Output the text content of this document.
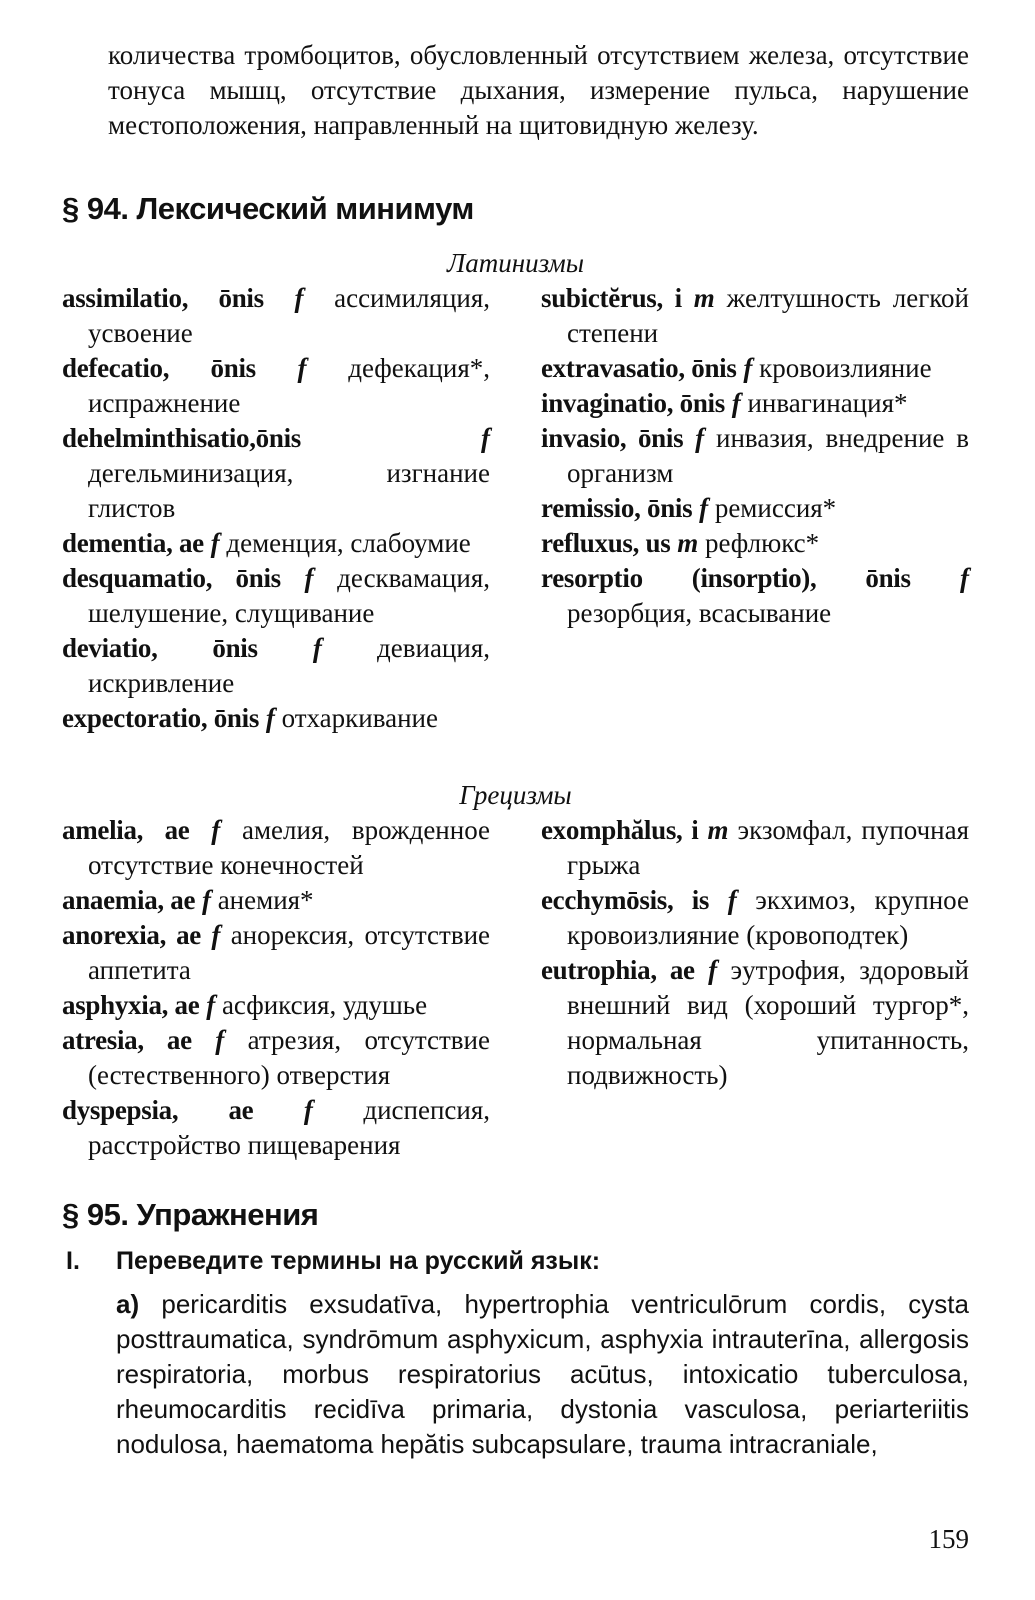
количества тромбоцитов, обусловленный отсутствием железа, отсутствие тонуса мышц, отсутствие дыхания, измерение пульса, нарушение местоположения, направленный на щитовидную железу.

§ 94. Лексический минимум
Латинизмы

assimilatio, ōnis f ассимиляция, усвоение

defecatio, ōnis f дефекация*, испражнение

dehelminthisatio,ōnis	f дегельминизация, изгнание глистов

dementia, ae f деменция, слабоумие

desquamatio, ōnis f десквамация, шелушение, слущивание

deviatio, ōnis f девиация, искривление

expectoratio, ōnis f отхаркивание

subictĕrus, i m желтушность легкой степени

extravasatio, ōnis f кровоизлияние

invaginatio, ōnis f инвагинация*

invasio, ōnis f инвазия, внедрение в организм

remissio, ōnis f ремиссия*

refluxus, us m рефлюкс*

resorptio (insorptio), ōnis f резорбция, всасывание

Грецизмы

amelia, ae f амелия, врожденное отсутствие конечностей

anaemia, ae f анемия*

anorexia, ae f анорексия, отсутствие аппетита

asphyxia, ae f асфиксия, удушье

atresia, ae f атрезия, отсутствие (естественного) отверстия

dyspepsia, ae f диспепсия, расстройство пищеварения

exomphălus, i m экзомфал, пупочная грыжа

ecchymōsis, is f экхимоз, крупное кровоизлияние (кровоподтек)

eutrophia, ae f эутрофия, здоровый внешний вид (хороший тургор*, нормальная упитанность, подвижность)

§ 95. Упражнения
I. Переведите термины на русский язык:

а) pericarditis exsudatīva, hypertrophia ventriculōrum cordis, cysta posttraumatica, syndrōmum asphyxicum, asphyxia intrauterīna, allergosis respiratoria, morbus respiratorius acūtus, intoxicatio tuberculosa, rheumocarditis recidīva primaria, dystonia vasculosa, periarteriitis nodulosa, haematoma hepătis subcapsulare, trauma intracraniale,

159
